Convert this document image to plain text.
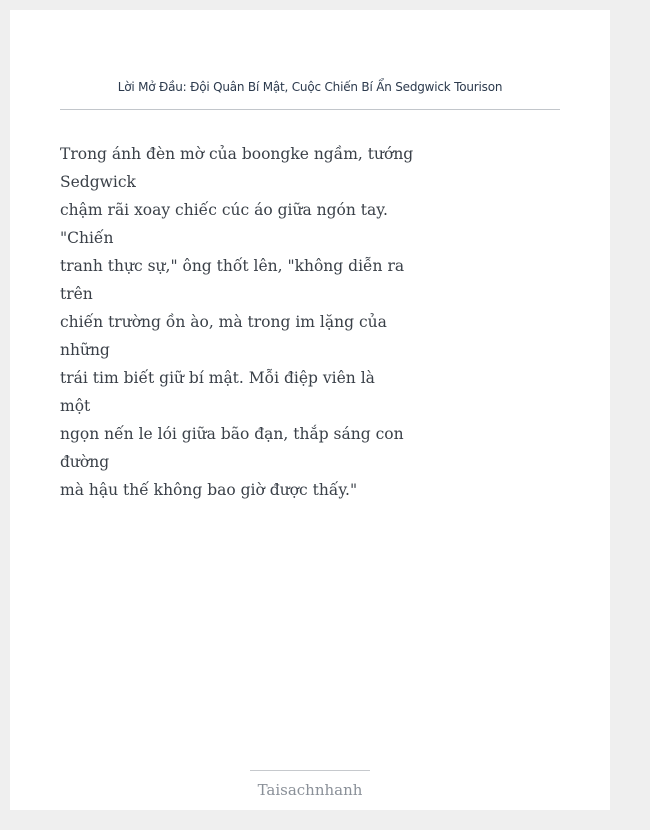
Lời Mở Đầu: Đội Quân Bí Mật, Cuộc Chiến Bí Ẩn Sedgwick Tourison
Trong ánh đèn mờ của boongke ngầm, tướng
Sedgwick
chậm rãi xoay chiếc cúc áo giữa ngón tay.
"Chiến
tranh thực sự," ông thốt lên, "không diễn ra
trên
chiến trường ồn ào, mà trong im lặng của
những
trái tim biết giữ bí mật. Mỗi điệp viên là
một
ngọn nến le lói giữa bão đạn, thắp sáng con
đường
mà hậu thế không bao giờ được thấy."

Taisachnhanh
